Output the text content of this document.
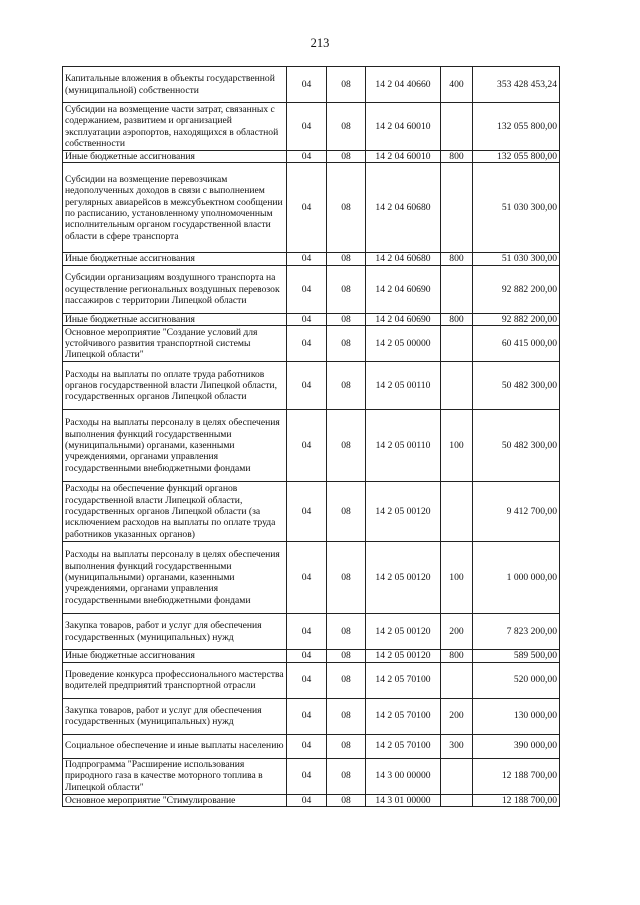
213
Капитальные вложения в объекты государственной (муниципальной) собственности	04	08	14 2 04 40660	400	353 428 453,24
Субсидии на возмещение части затрат, связанных с содержанием, развитием и организацией эксплуатации аэропортов, находящихся в областной собственности	04	08	14 2 04 60010		132 055 800,00
Иные бюджетные ассигнования	04	08	14 2 04 60010	800	132 055 800,00
Субсидии на возмещение перевозчикам недополученных доходов в связи с выполнением регулярных авиарейсов в межсубъектном сообщении по расписанию, установленному уполномоченным исполнительным органом государственной власти области в сфере транспорта	04	08	14 2 04 60680		51 030 300,00
Иные бюджетные ассигнования	04	08	14 2 04 60680	800	51 030 300,00
Субсидии организациям воздушного транспорта на осуществление региональных воздушных перевозок пассажиров с территории Липецкой области	04	08	14 2 04 60690		92 882 200,00
Иные бюджетные ассигнования	04	08	14 2 04 60690	800	92 882 200,00
Основное мероприятие "Создание условий для устойчивого развития транспортной системы Липецкой области"	04	08	14 2 05 00000		60 415 000,00
Расходы на выплаты по оплате труда работников органов государственной власти Липецкой области, государственных органов Липецкой области	04	08	14 2 05 00110		50 482 300,00
Расходы на выплаты персоналу в целях обеспечения выполнения функций государственными (муниципальными) органами, казенными учреждениями, органами управления государственными внебюджетными фондами	04	08	14 2 05 00110	100	50 482 300,00
Расходы на обеспечение функций органов государственной власти Липецкой области, государственных органов Липецкой области (за исключением расходов на выплаты по оплате труда работников указанных органов)	04	08	14 2 05 00120		9 412 700,00
Расходы на выплаты персоналу в целях обеспечения выполнения функций государственными (муниципальными) органами, казенными учреждениями, органами управления государственными внебюджетными фондами	04	08	14 2 05 00120	100	1 000 000,00
Закупка товаров, работ и услуг для обеспечения государственных (муниципальных) нужд	04	08	14 2 05 00120	200	7 823 200,00
Иные бюджетные ассигнования	04	08	14 2 05 00120	800	589 500,00
Проведение конкурса профессионального мастерства водителей предприятий транспортной отрасли	04	08	14 2 05 70100		520 000,00
Закупка товаров, работ и услуг для обеспечения государственных (муниципальных) нужд	04	08	14 2 05 70100	200	130 000,00
Социальное обеспечение и иные выплаты населению	04	08	14 2 05 70100	300	390 000,00
Подпрограмма "Расширение использования природного газа в качестве моторного топлива в Липецкой области"	04	08	14 3 00 00000		12 188 700,00
Основное мероприятие "Стимулирование	04	08	14 3 01 00000		12 188 700,00
